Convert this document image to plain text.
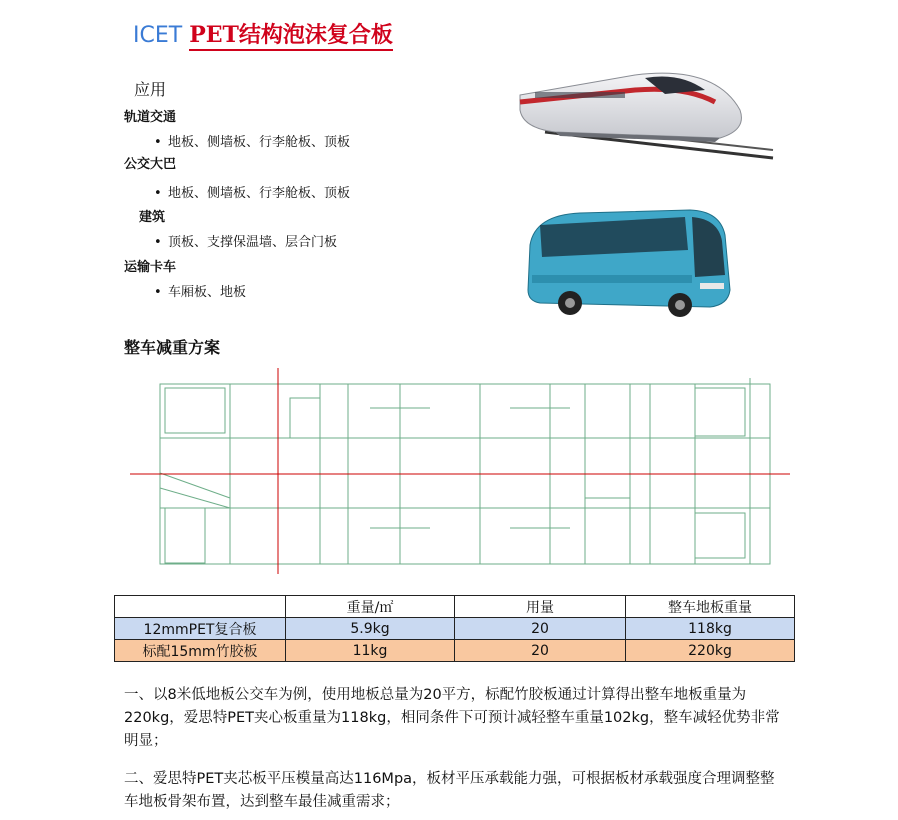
ICET PET结构泡沫复合板
应用
轨道交通
• 地板、侧墙板、行李舱板、顶板
公交大巴
• 地板、侧墙板、行李舱板、顶板
建筑
• 顶板、支撑保温墙、层合门板
运输卡车
• 车厢板、地板
整车减重方案
	重量/㎡	用量	整车地板重量
12mmPET复合板	5.9kg	20	118kg
标配15mm竹胶板	11kg	20	220kg
一、以8米低地板公交车为例，使用地板总量为20平方，标配竹胶板通过计算得出整车地板重量为220kg，爱思特PET夹心板重量为118kg，相同条件下可预计减轻整车重量102kg，整车减轻优势非常明显；
二、爱思特PET夹芯板平压模量高达116Mpa，板材平压承载能力强，可根据板材承载强度合理调整整车地板骨架布置，达到整车最佳减重需求；
